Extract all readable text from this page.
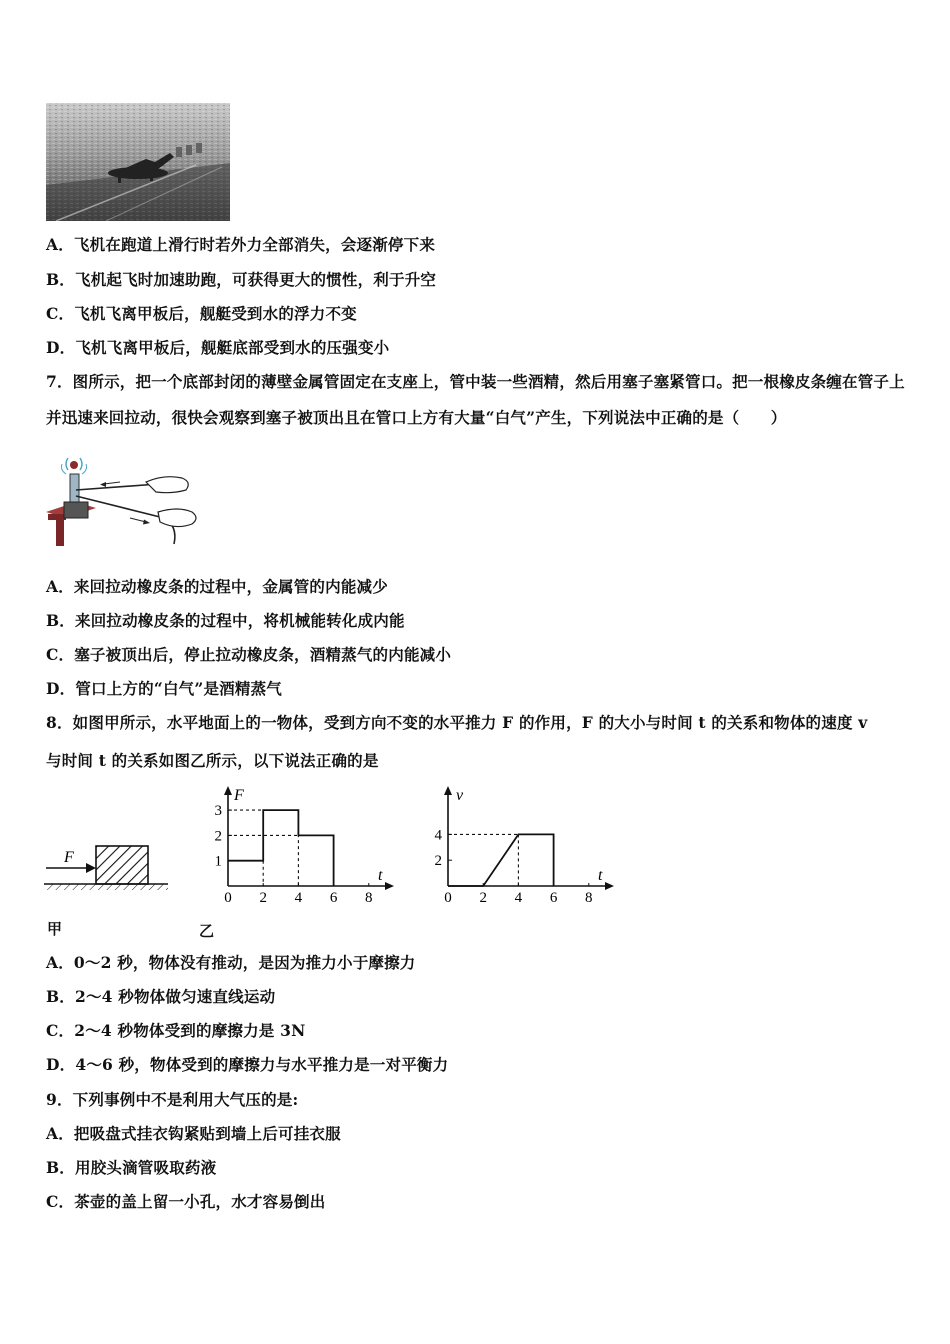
A．飞机在跑道上滑行时若外力全部消失，会逐渐停下来
B．飞机起飞时加速助跑，可获得更大的惯性，利于升空
C．飞机飞离甲板后，舰艇受到水的浮力不变
D．飞机飞离甲板后，舰艇底部受到水的压强变小
7．图所示，把一个底部封闭的薄壁金属管固定在支座上，管中装一些酒精，然后用塞子塞紧管口。把一根橡皮条缠在管子上并迅速来回拉动，很快会观察到塞子被顶出且在管口上方有大量“白气”产生，下列说法中正确的是（　　）
A．来回拉动橡皮条的过程中，金属管的内能减少
B．来回拉动橡皮条的过程中，将机械能转化成内能
C．塞子被顶出后，停止拉动橡皮条，酒精蒸气的内能减小
D．管口上方的“白气”是酒精蒸气
8．如图甲所示，水平地面上的一物体，受到方向不变的水平推力 F 的作用，F 的大小与时间 t 的关系和物体的速度 v
与时间 t 的关系如图乙所示，以下说法正确的是
F
F
t
0 2 4 6 8
1
2
3
v
t
0 2 4 6 8
2
4
甲	乙
A．0～2 秒，物体没有推动，是因为推力小于摩擦力
B．2～4 秒物体做匀速直线运动
C．2～4 秒物体受到的摩擦力是 3N
D．4～6 秒，物体受到的摩擦力与水平推力是一对平衡力
9．下列事例中不是利用大气压的是:
A．把吸盘式挂衣钩紧贴到墙上后可挂衣服
B．用胶头滴管吸取药液
C．茶壶的盖上留一小孔，水才容易倒出
